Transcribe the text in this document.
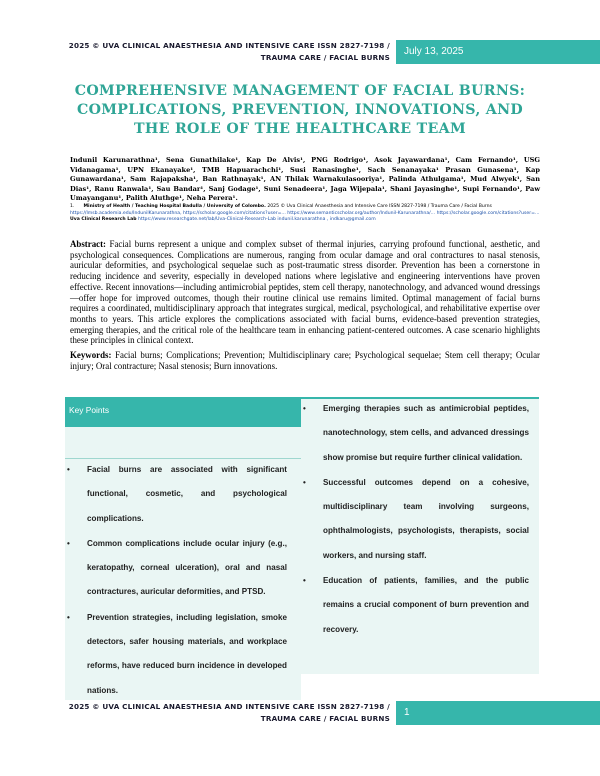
2025 © UVA CLINICAL ANAESTHESIA AND INTENSIVE CARE ISSN 2827-7198 /
TRAUMA CARE / FACIAL BURNS
July 13, 2025
COMPREHENSIVE MANAGEMENT OF FACIAL BURNS: COMPLICATIONS, PREVENTION, INNOVATIONS, AND THE ROLE OF THE HEALTHCARE TEAM
Indunil Karunarathna¹, Sena Gunathilake¹, Kap De Alvis¹, PNG Rodrigo¹, Asok Jayawardana¹, Cam Fernando¹, USG Vidanagama¹, UPN Ekanayake¹, TMB Hapuarachchi¹, Susi Ranasinghe¹, Sach Senanayaka¹ Prasan Gunasena¹, Kap Gunawardana¹, Sam Rajapaksha¹, Ban Rathnayak¹, AN Thilak Warnakulasooriya¹, Palinda Athulgama¹, Mud Alwyek¹, San Dias¹, Ranu Ranwala¹, Sau Bandar¹, Sanj Godage¹, Suni Senadeera¹, Jaga Wijepala¹, Shani Jayasinghe¹, Supi Fernando¹, Paw Umayanganu¹, Palith Aluthge¹, Neha Perera¹.
1. Ministry of Health / Teaching Hospital Badulla / University of Colombo. 2025 © Uva Clinical Anaesthesia and Intensive Care ISSN 2827-7198 / Trauma Care / Facial Burns https://lmsb.academia.edu/IndunilKarunarathna, https://scholar.google.com/citations?user=... https://www.semanticscholar.org/author/Indunil-Karunarathna/... https://scholar.google.com/citations?user=... Uva Clinical Research Lab https://www.researchgate.net/lab/Uva-Clinical-Research-Lab indunil.karunarathna , indkaru@gmail.com

Abstract: Facial burns represent a unique and complex subset of thermal injuries, carrying profound functional, aesthetic, and psychological consequences. Complications are numerous, ranging from ocular damage and oral contractures to nasal stenosis, auricular deformities, and psychological sequelae such as post-traumatic stress disorder. Prevention has been a cornerstone in reducing incidence and severity, especially in developed nations where legislative and engineering interventions have proven effective. Recent innovations—including antimicrobial peptides, stem cell therapy, nanotechnology, and advanced wound dressings—offer hope for improved outcomes, though their routine clinical use remains limited. Optimal management of facial burns requires a coordinated, multidisciplinary approach that integrates surgical, medical, psychological, and rehabilitative expertise over months to years. This article explores the complications associated with facial burns, evidence-based prevention strategies, emerging therapies, and the critical role of the healthcare team in enhancing patient-centered outcomes. A case scenario highlights these principles in clinical context.

Keywords: Facial burns; Complications; Prevention; Multidisciplinary care; Psychological sequelae; Stem cell therapy; Ocular injury; Oral contracture; Nasal stenosis; Burn innovations.

Key Points
• Facial burns are associated with significant functional, cosmetic, and psychological complications.
• Common complications include ocular injury (e.g., keratopathy, corneal ulceration), oral and nasal contractures, auricular deformities, and PTSD.
• Prevention strategies, including legislation, smoke detectors, safer housing materials, and workplace reforms, have reduced burn incidence in developed nations.
• Emerging therapies such as antimicrobial peptides, nanotechnology, stem cells, and advanced dressings show promise but require further clinical validation.
• Successful outcomes depend on a cohesive, multidisciplinary team involving surgeons, ophthalmologists, psychologists, therapists, social workers, and nursing staff.
• Education of patients, families, and the public remains a crucial component of burn prevention and recovery.
2025 © UVA CLINICAL ANAESTHESIA AND INTENSIVE CARE ISSN 2827-7198 /
TRAUMA CARE / FACIAL BURNS
1
